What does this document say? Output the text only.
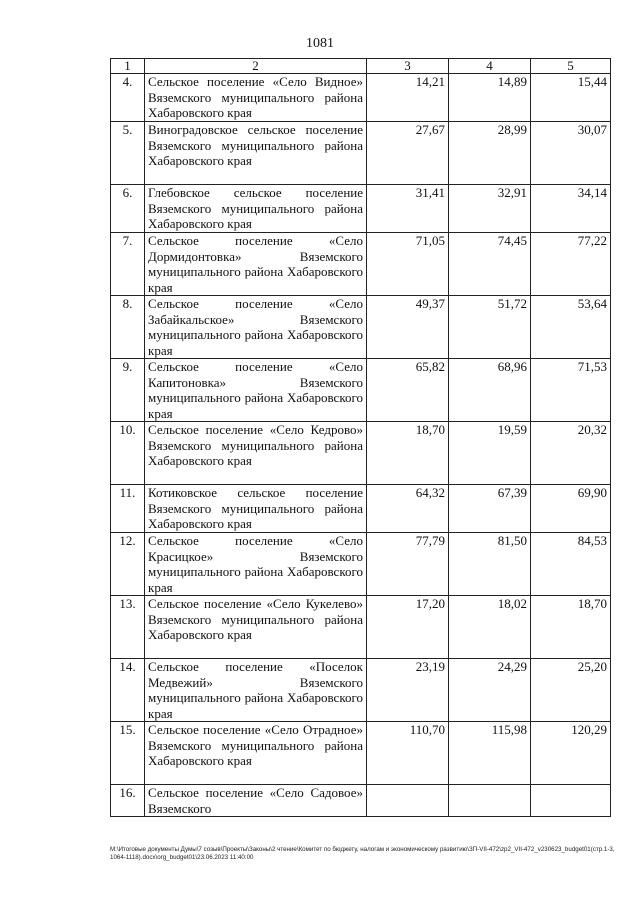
1081
1	2	3	4	5
4.	Сельское поселение «Село Видное» Вяземского муниципального района Хабаровского края	14,21	14,89	15,44
5.	Виноградовское сельское поселение Вяземского муниципального района Хабаровского края	27,67	28,99	30,07
6.	Глебовское сельское поселение Вяземского муниципального района Хабаровского края	31,41	32,91	34,14
7.	Сельское поселение «Село Дормидонтовка» Вяземского муниципального района Хабаровского края	71,05	74,45	77,22
8.	Сельское поселение «Село Забайкальское» Вяземского муниципального района Хабаровского края	49,37	51,72	53,64
9.	Сельское поселение «Село Капитоновка» Вяземского муниципального района Хабаровского края	65,82	68,96	71,53
10.	Сельское поселение «Село Кедрово» Вяземского муниципального района Хабаровского края	18,70	19,59	20,32
11.	Котиковское сельское поселение Вяземского муниципального района Хабаровского края	64,32	67,39	69,90
12.	Сельское поселение «Село Красицкое» Вяземского муниципального района Хабаровского края	77,79	81,50	84,53
13.	Сельское поселение «Село Кукелево» Вяземского муниципального района Хабаровского края	17,20	18,02	18,70
14.	Сельское поселение «Поселок Медвежий» Вяземского муниципального района Хабаровского края	23,19	24,29	25,20
15.	Сельское поселение «Село Отрадное» Вяземского муниципального района Хабаровского края	110,70	115,98	120,29
16.	Сельское поселение «Село Садовое» Вяземского			
М:\Итоговые документы Думы\7 созыв\Проекты\Законы\2 чтение\Комитет по бюджету, налогам и экономическому развитию\ЗП-VII-472\zp2_VII-472_v230623_budget01(стр.1-3, 1064-1118).docx\org_budget01\23.06.2023 11:40:00
